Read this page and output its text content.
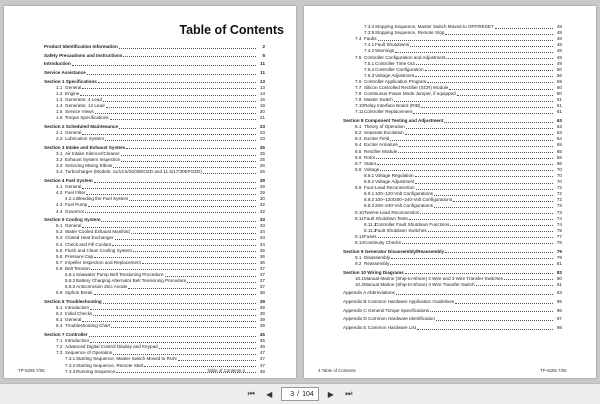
Table of Contents
Product Identification Information	2
Safety Precautions and Instructions	5
Introduction	11
Service Assistance	11
Section 1 Specifications	13
1.1 General	13
1.2 Engine	14
1.3 Generator, 4 Lead	16
1.4 Generator, 12 Lead	19
1.5 Service Views	20
1.6 Torque Specifications	21
Section 2 Scheduled Maintenance	23
2.1 General	23
2.2 Lubrication System	23
Section 3 Intake and Exhaust System	25
3.1 Air Intake Silencer/Cleaner	25
3.2 Exhaust System Inspection	25
3.3 Servicing Mixing Elbow	26
3.4 Turbocharger (Models: 11/13.5/20/30EOZD and 11.5/17/30EFOZD)	26
Section 4 Fuel System	29
4.1 General	29
4.2 Fuel Filter	29
4.2.1 Bleeding the Fuel System	30
4.3 Fuel Pump	32
4.4 Governor	32
Section 5 Cooling System	33
5.1 General	33
5.2 Water-Cooled Exhaust Manifold	34
5.3 Closed Heat Exchanger	34
5.4 Check and Fill Coolant	34
5.5 Flush and Clean Cooling System	35
5.6 Pressure Cap	36
5.7 Impeller Inspection and Replacement	36
5.8 Belt Tension	37
5.8.1 Seawater Pump Belt Tensioning Procedure	37
5.8.2 Battery Charging Alternator Belt Tensioning Procedure	37
5.8.3 Anticorrosion Zinc Anode	37
5.9 Siphon Break	38
Section 6 Troubleshooting	39
6.1 Introduction	39
6.2 Initial Checks	39
6.3 General	39
6.4 Troubleshooting Chart	39
Section 7 Controller	45
7.1 Introduction	45
7.2 Advanced Digital Control Display and Keypad	46
7.3 Sequence of Operation	47
7.3.1 Starting Sequence, Master Switch Moved to RUN	47
7.3.2 Starting Sequence, Remote Start	47
7.3.3 Running Sequence	48
TP-6255 7/06	Table of Contents 3
7.3.4 Stopping Sequence, Master Switch Moved to OFF/RESET	48
7.3.5 Stopping Sequence, Remote Stop	48
7.4 Faults	48
7.4.1 Fault Shutdowns	48
7.4.2 Warnings	48
7.5 Controller Configuration and Adjustment	49
7.5.1 Controller Time Out	49
7.5.2 Controller Configuration	50
7.5.3 Voltage Adjustment	56
7.6 Controller Application Program	59
7.7 Silicon Controlled Rectifier (SCR) Module	60
7.8 Continuous Power Mode Jumper, if equipped	60
7.9 Master Switch	61
7.10 Relay Interface Board (RIB)	61
7.11 Controller Replacement	61
Section 8 Component Testing and Adjustment	63
8.1 Theory of Operation	63
8.2 Separate Excitation	63
8.3 Exciter Field	64
8.4 Exciter Armature	65
8.5 Rectifier Module	65
8.6 Rotor	66
8.7 Stator	66
8.8 Voltage	70
8.8.1 Voltage Regulation	70
8.8.2 Voltage Adjustment	70
8.9 Four-Lead Reconnection	72
8.9.1 100–120-Volt Configurations	72
8.9.2 100–120/200–240-Volt Configurations	72
8.9.3 200–240-Volt Configurations	73
8.10 Twelve-Lead Reconnection	73
8.11 Fault Shutdown Tests	74
8.11.1
Controller Fault Shutdown Functions	74
8.11.2
Fault Shutdown Switches	75
8.12 Fuses	77
8.13 Continuity Checks	78
Section 9 Generator Disassembly/Reassembly	79
9.1 Disassembly	79
9.2 Reassembly	81
Section 10 Wiring Diagrams	83
10.1 Manual Marine (Ship-to-Shore) 2 Wire and 3 Wire Transfer Switches	90
10.2 Manual Marine (Ship-to-Shore) 4 Wire Transfer Switch	91
Appendix A Abbreviations	93
Appendix B Common Hardware Application Guidelines	95
Appendix C General Torque Specifications	96
Appendix D Common Hardware Identification	97
Appendix E Common Hardware List	98
4 Table of Contents	TP-6255 7/06
⏮	◀	3 / 104	▶	⏭
